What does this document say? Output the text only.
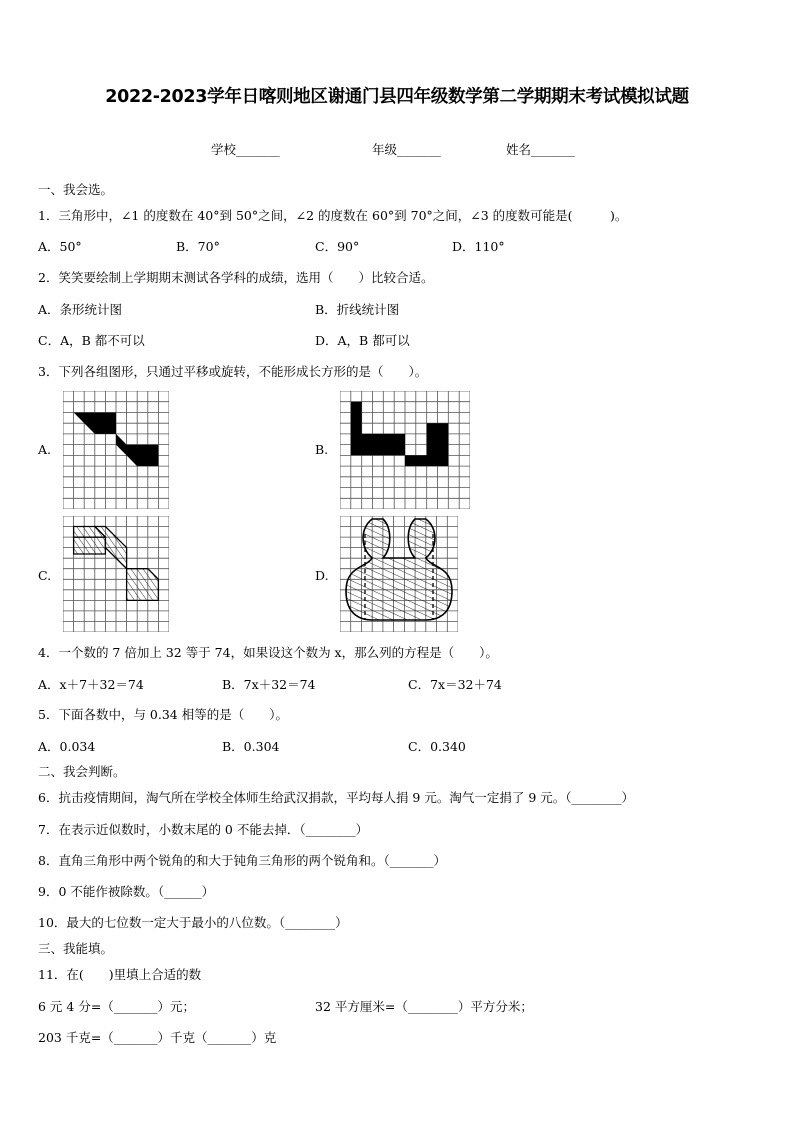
2022-2023学年日喀则地区谢通门县四年级数学第二学期期末考试模拟试题
学校_______	年级_______	姓名_______
一、我会选。
1．三角形中，∠1 的度数在 40°到 50°之间，∠2 的度数在 60°到 70°之间，∠3 的度数可能是(　　　)。
A．50°	B．70°	C．90°	D．110°
2．笑笑要绘制上学期期末测试各学科的成绩，选用（　　）比较合适。
A．条形统计图	B．折线统计图
C．A，B 都不可以	D．A，B 都可以
3．下列各组图形，只通过平移或旋转，不能形成长方形的是（　　）。
A.	B.
C.	D.
4．一个数的 7 倍加上 32 等于 74，如果设这个数为 x，那么列的方程是（　　）。
A．x＋7＋32＝74	B．7x＋32＝74	C．7x＝32＋74
5．下面各数中，与 0.34 相等的是（　　）。
A．0.034	B．0.304	C．0.340
二、我会判断。
6．抗击疫情期间，淘气所在学校全体师生给武汉捐款，平均每人捐 9 元。淘气一定捐了 9 元。（________）
7．在表示近似数时，小数末尾的 0 不能去掉．（________）
8．直角三角形中两个锐角的和大于钝角三角形的两个锐角和。（_______）
9．0 不能作被除数。（______）
10．最大的七位数一定大于最小的八位数。（________）
三、我能填。
11．在(　　)里填上合适的数
6 元 4 分=（_______）元；	32 平方厘米=（________）平方分米；
203 千克=（_______）千克（_______）克
